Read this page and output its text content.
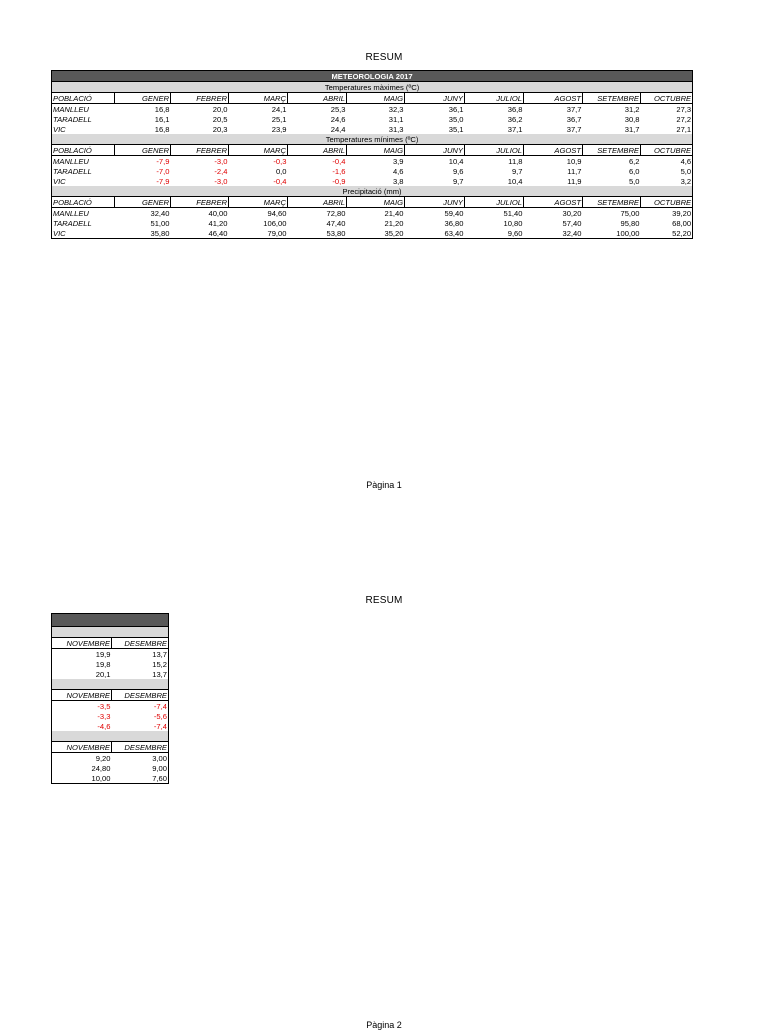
RESUM
METEOROLOGIA 2017										
Temperatures màximes (ºC)										
POBLACIÓ	GENER	FEBRER	MARÇ	ABRIL	MAIG	JUNY	JULIOL	AGOST	SETEMBRE	OCTUBRE
MANLLEU	16,8	20,0	24,1	25,3	32,3	36,1	36,8	37,7	31,2	27,3
TARADELL	16,1	20,5	25,1	24,6	31,1	35,0	36,2	36,7	30,8	27,2
VIC	16,8	20,3	23,9	24,4	31,3	35,1	37,1	37,7	31,7	27,1
Temperatures mínimes (ºC)										
POBLACIÓ	GENER	FEBRER	MARÇ	ABRIL	MAIG	JUNY	JULIOL	AGOST	SETEMBRE	OCTUBRE
MANLLEU	-7,9	-3,0	-0,3	-0,4	3,9	10,4	11,8	10,9	6,2	4,6
TARADELL	-7,0	-2,4	0,0	-1,6	4,6	9,6	9,7	11,7	6,0	5,0
VIC	-7,9	-3,0	-0,4	-0,9	3,8	9,7	10,4	11,9	5,0	3,2
Precipitació (mm)										
POBLACIÓ	GENER	FEBRER	MARÇ	ABRIL	MAIG	JUNY	JULIOL	AGOST	SETEMBRE	OCTUBRE
MANLLEU	32,40	40,00	94,60	72,80	21,40	59,40	51,40	30,20	75,00	39,20
TARADELL	51,00	41,20	106,00	47,40	21,20	36,80	10,80	57,40	95,80	68,00
VIC	35,80	46,40	79,00	53,80	35,20	63,40	9,60	32,40	100,00	52,20
Pàgina 1
RESUM

NOVEMBRE	DESEMBRE
19,9	13,7
19,8	15,2
20,1	13,7

NOVEMBRE	DESEMBRE
-3,5	-7,4
-3,3	-5,6
-4,6	-7,4

NOVEMBRE	DESEMBRE
9,20	3,00
24,80	9,00
10,00	7,60
Pàgina 2
